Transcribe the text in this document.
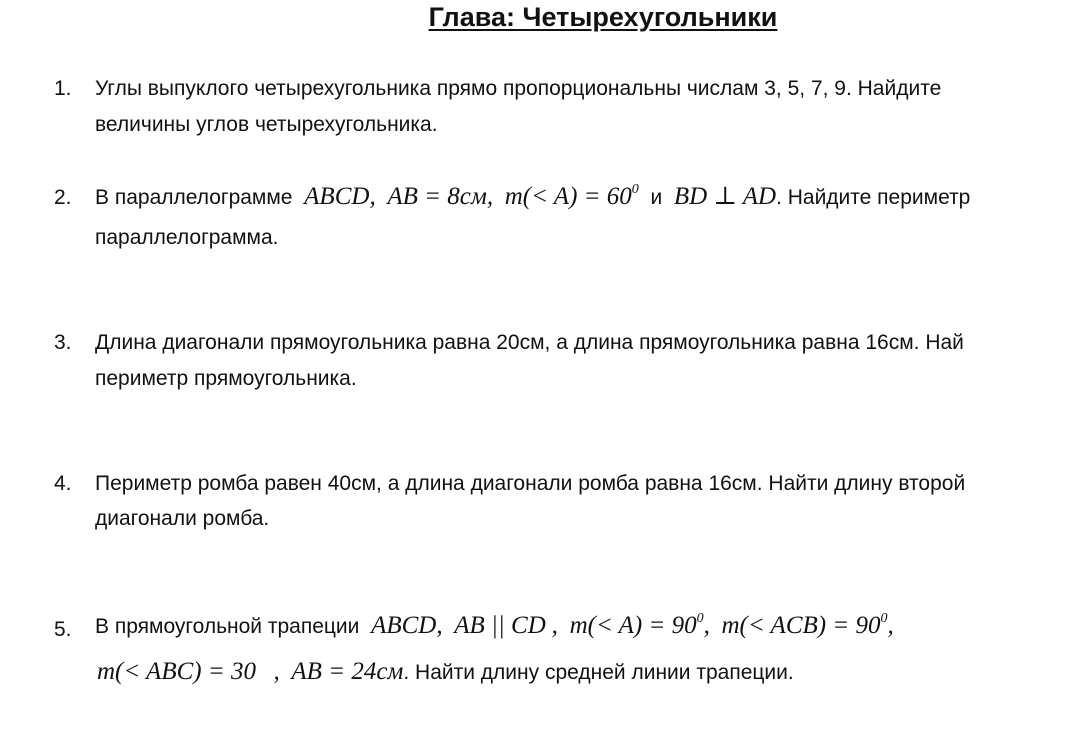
Глава: Четырехугольники
1. Углы выпуклого четырехугольника прямо пропорциональны числам 3, 5, 7, 9. Найдите
величины углов четырехугольника.
2. В параллелограмме ABCD, AB = 8см, $m(< A) = 60^0$ и BD ⊥ AD. Найдите периметр
параллелограмма.
3. Длина диагонали прямоугольника равна 20см, а длина прямоугольника равна 16см. Най
периметр прямоугольника.
4. Периметр ромба равен 40см, а длина диагонали ромба равна 16см. Найти длину второй
диагонали ромба.
5. В прямоугольной трапеции ABCD, AB || CD , $m(< A) = 90^0$, $m(< ACB) = 90^0$,
m(< ABC) = 30 , AB = 24см. Найти длину средней линии трапеции.
